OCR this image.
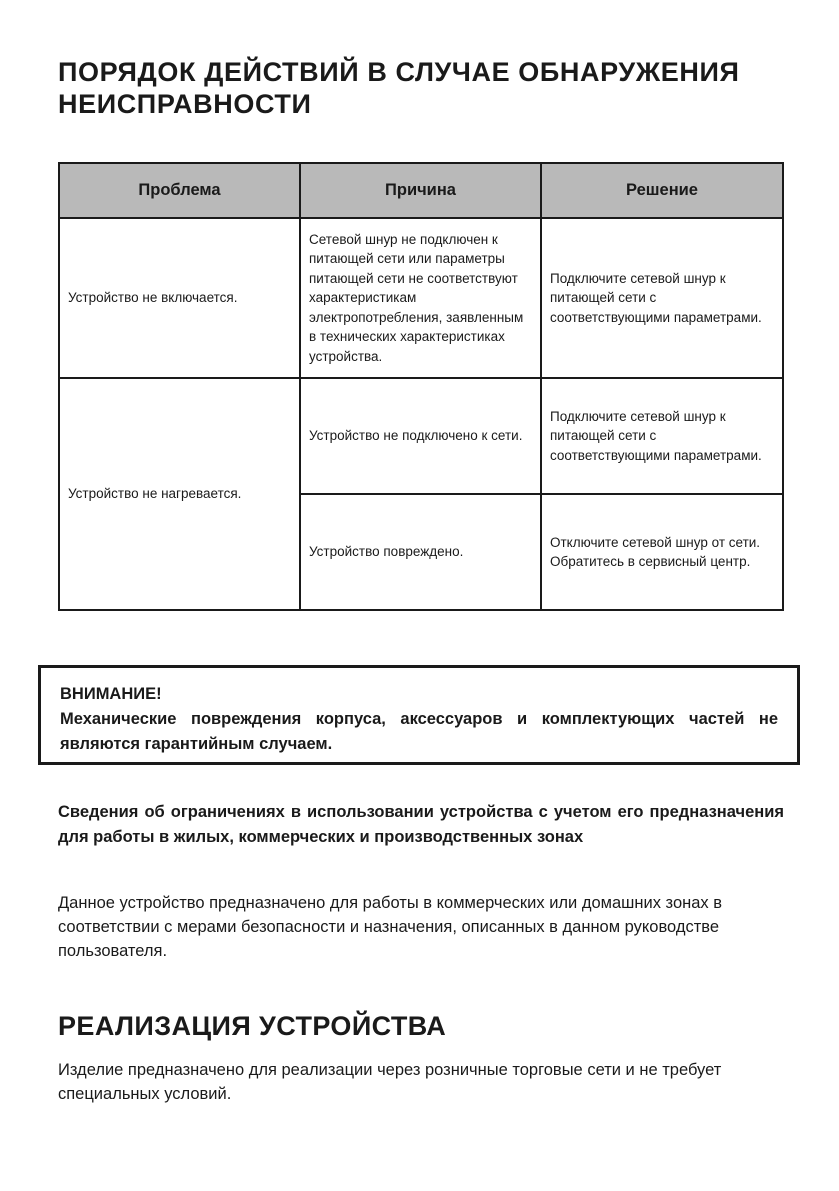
ПОРЯДОК ДЕЙСТВИЙ В СЛУЧАЕ ОБНАРУЖЕНИЯ НЕИСПРАВНОСТИ
Проблема	Причина	Решение
Устройство не включается.	Сетевой шнур не подключен к питающей сети или параметры питающей сети не соответствуют характеристикам электропотребления, заявленным в технических характеристиках устройства.	Подключите сетевой шнур к питающей сети с соответствующими параметрами.
Устройство не нагревается.	Устройство не подключено к сети.	Подключите сетевой шнур к питающей сети с соответствующими параметрами.
	Устройство повреждено.	Отключите сетевой шнур от сети. Обратитесь в сервисный центр.
ВНИМАНИЕ!
Механические повреждения корпуса, аксессуаров и комплектующих частей не являются гарантийным случаем.

Сведения об ограничениях в использовании устройства с учетом его предназначения для работы в жилых, коммерческих и производственных зонах

Данное устройство предназначено для работы в коммерческих или домашних зонах в соответствии с мерами безопасности и назначения, описанных в данном руководстве пользователя.

РЕАЛИЗАЦИЯ УСТРОЙСТВА

Изделие предназначено для реализации через розничные торговые сети и не требует специальных условий.
